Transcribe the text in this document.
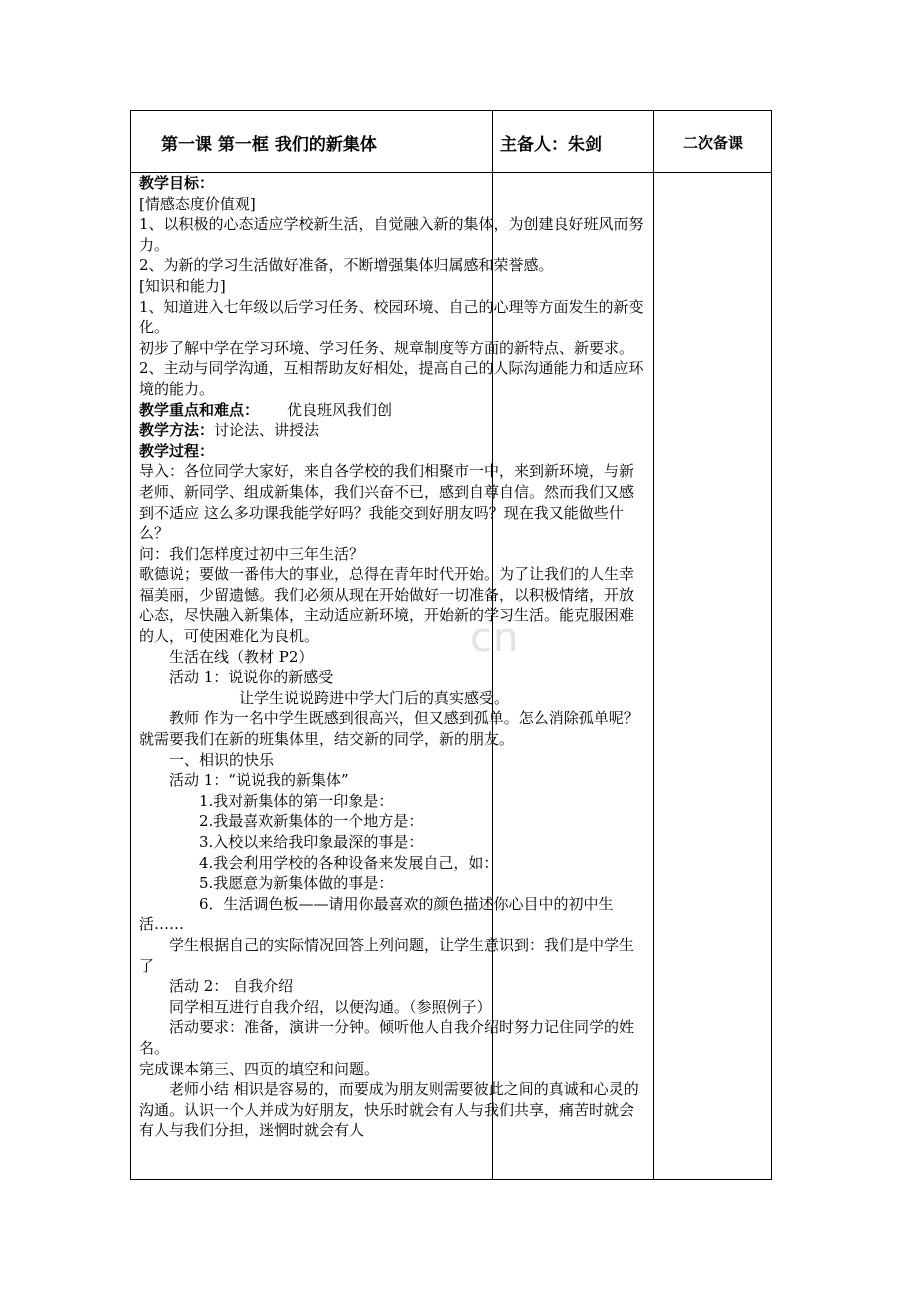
cn
第一课 第一框 我们的新集体	主备人：朱剑	二次备课

教学目标：

[情感态度价值观]

1、以积极的心态适应学校新生活，自觉融入新的集体，为创建良好班风而努力。

2、为新的学习生活做好准备，不断增强集体归属感和荣誉感。

[知识和能力]

1、知道进入七年级以后学习任务、校园环境、自己的心理等方面发生的新变化。

初步了解中学在学习环境、学习任务、规章制度等方面的新特点、新要求。

2、主动与同学沟通，互相帮助友好相处，提高自己的人际沟通能力和适应环境的能力。

教学重点和难点： 优良班风我们创

教学方法：讨论法、讲授法

教学过程：

导入：各位同学大家好，来自各学校的我们相聚市一中，来到新环境，与新老师、新同学、组成新集体，我们兴奋不已，感到自尊自信。然而我们又感到不适应 这么多功课我能学好吗？我能交到好朋友吗？现在我又能做些什么？

问：我们怎样度过初中三年生活？

歌德说；要做一番伟大的事业，总得在青年时代开始。为了让我们的人生幸福美丽，少留遗憾。我们必须从现在开始做好一切准备，以积极情绪，开放心态，尽快融入新集体，主动适应新环境，开始新的学习生活。能克服困难的人，可使困难化为良机。

生活在线（教材 P2）

活动 1：说说你的新感受

让学生说说跨进中学大门后的真实感受。

教师 作为一名中学生既感到很高兴，但又感到孤单。怎么消除孤单呢？就需要我们在新的班集体里，结交新的同学，新的朋友。

一、相识的快乐

活动 1：“说说我的新集体”

1.我对新集体的第一印象是：

2.我最喜欢新集体的一个地方是：

3.入校以来给我印象最深的事是：

4.我会利用学校的各种设备来发展自己，如：

5.我愿意为新集体做的事是：

6．生活调色板——请用你最喜欢的颜色描述你心目中的初中生活……

学生根据自己的实际情况回答上列问题，让学生意识到：我们是中学生了

活动 2： 自我介绍

同学相互进行自我介绍，以便沟通。（参照例子）

活动要求：准备，演讲一分钟。倾听他人自我介绍时努力记住同学的姓名。

完成课本第三、四页的填空和问题。

老师小结 相识是容易的，而要成为朋友则需要彼此之间的真诚和心灵的沟通。认识一个人并成为好朋友，快乐时就会有人与我们共享，痛苦时就会有人与我们分担，迷惘时就会有人
